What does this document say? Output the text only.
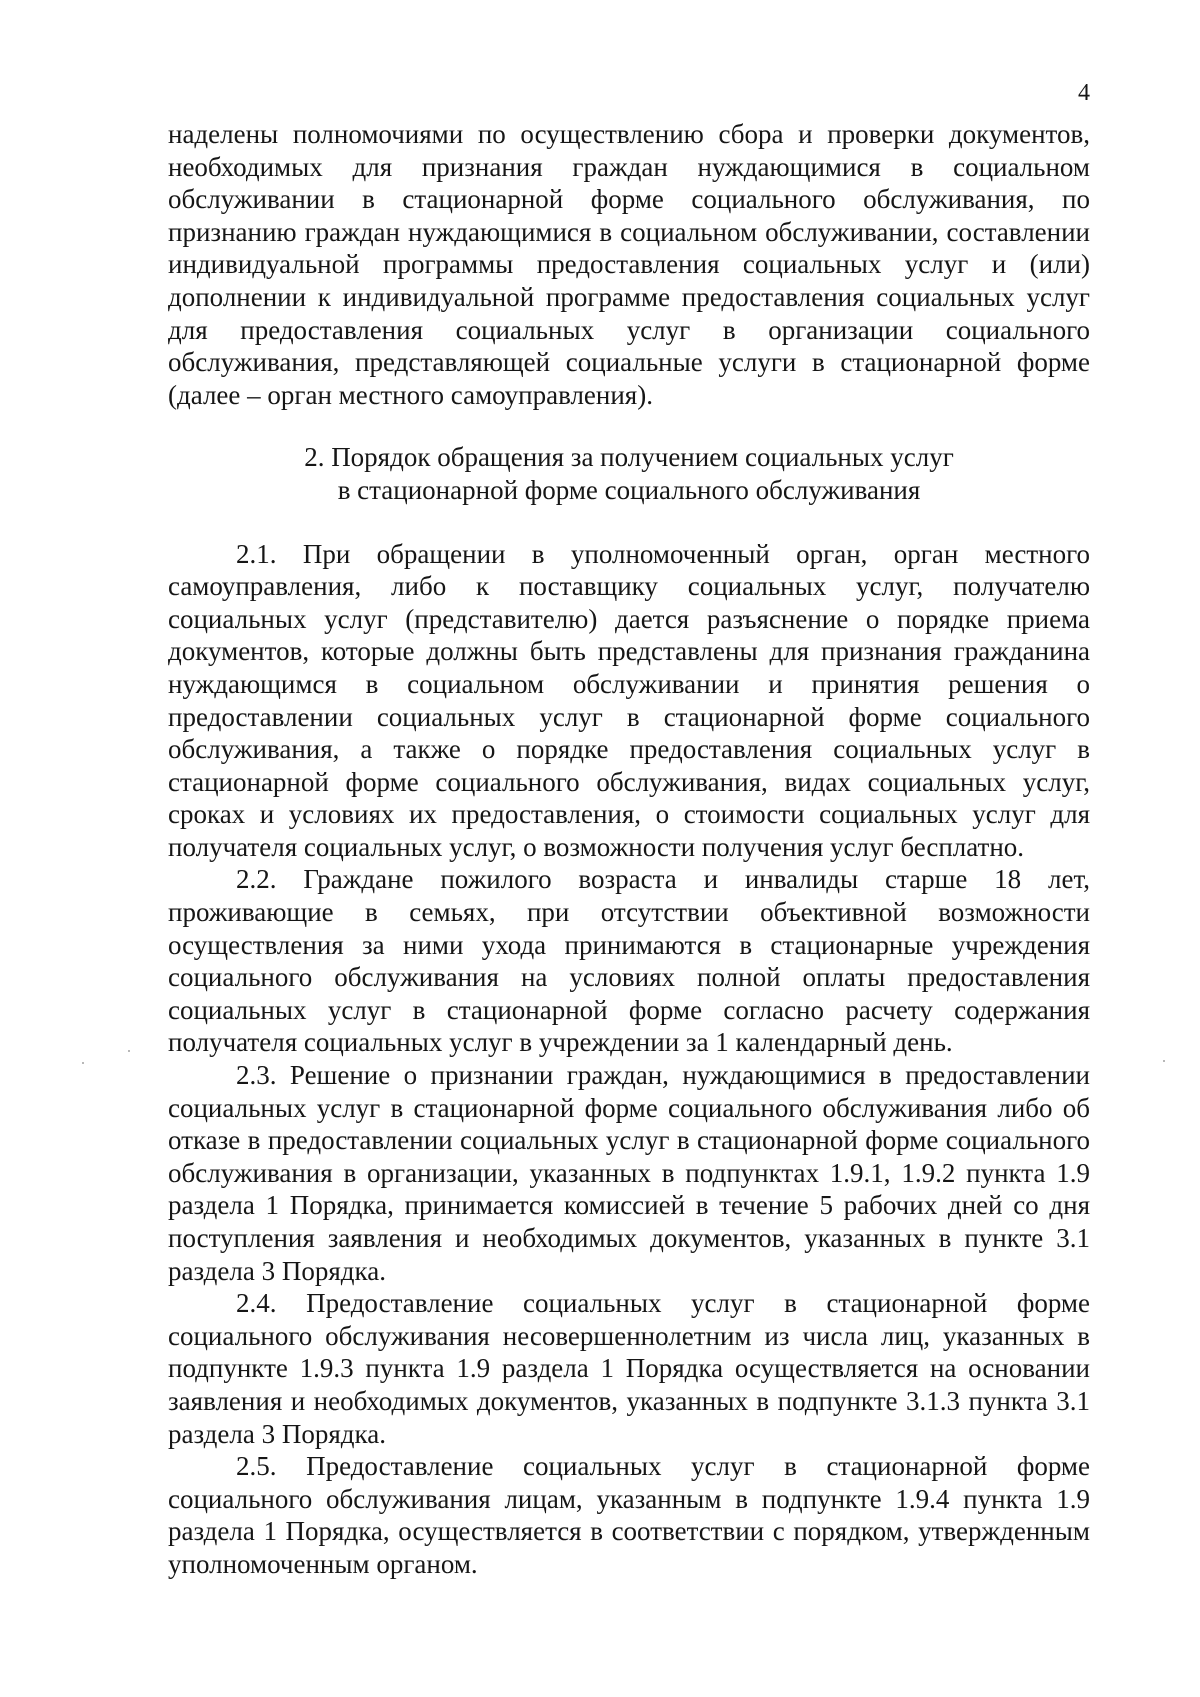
4

наделены полномочиями по осуществлению сбора и проверки документов, необходимых для признания граждан нуждающимися в социальном обслуживании в стационарной форме социального обслуживания, по признанию граждан нуждающимися в социальном обслуживании, составлении индивидуальной программы предоставления социальных услуг и (или) дополнении к индивидуальной программе предоставления социальных услуг для предоставления социальных услуг в организации социального обслуживания, представляющей социальные услуги в стационарной форме (далее – орган местного самоуправления).

2. Порядок обращения за получением социальных услуг
в стационарной форме социального обслуживания

2.1. При обращении в уполномоченный орган, орган местного самоуправления, либо к поставщику социальных услуг, получателю социальных услуг (представителю) дается разъяснение о порядке приема документов, которые должны быть представлены для признания гражданина нуждающимся в социальном обслуживании и принятия решения о предоставлении социальных услуг в стационарной форме социального обслуживания, а также о порядке предоставления социальных услуг в стационарной форме социального обслуживания, видах социальных услуг, сроках и условиях их предоставления, о стоимости социальных услуг для получателя социальных услуг, о возможности получения услуг бесплатно.

2.2. Граждане пожилого возраста и инвалиды старше 18 лет, проживающие в семьях, при отсутствии объективной возможности осуществления за ними ухода принимаются в стационарные учреждения социального обслуживания на условиях полной оплаты предоставления социальных услуг в стационарной форме согласно расчету содержания получателя социальных услуг в учреждении за 1 календарный день.

2.3. Решение о признании граждан, нуждающимися в предоставлении социальных услуг в стационарной форме социального обслуживания либо об отказе в предоставлении социальных услуг в стационарной форме социального обслуживания в организации, указанных в подпунктах 1.9.1, 1.9.2 пункта 1.9 раздела 1 Порядка, принимается комиссией в течение 5 рабочих дней со дня поступления заявления и необходимых документов, указанных в пункте 3.1 раздела 3 Порядка.

2.4. Предоставление социальных услуг в стационарной форме социального обслуживания несовершеннолетним из числа лиц, указанных в подпункте 1.9.3 пункта 1.9 раздела 1 Порядка осуществляется на основании заявления и необходимых документов, указанных в подпункте 3.1.3 пункта 3.1 раздела 3 Порядка.

2.5. Предоставление социальных услуг в стационарной форме социального обслуживания лицам, указанным в подпункте 1.9.4 пункта 1.9 раздела 1 Порядка, осуществляется в соответствии с порядком, утвержденным уполномоченным органом.
